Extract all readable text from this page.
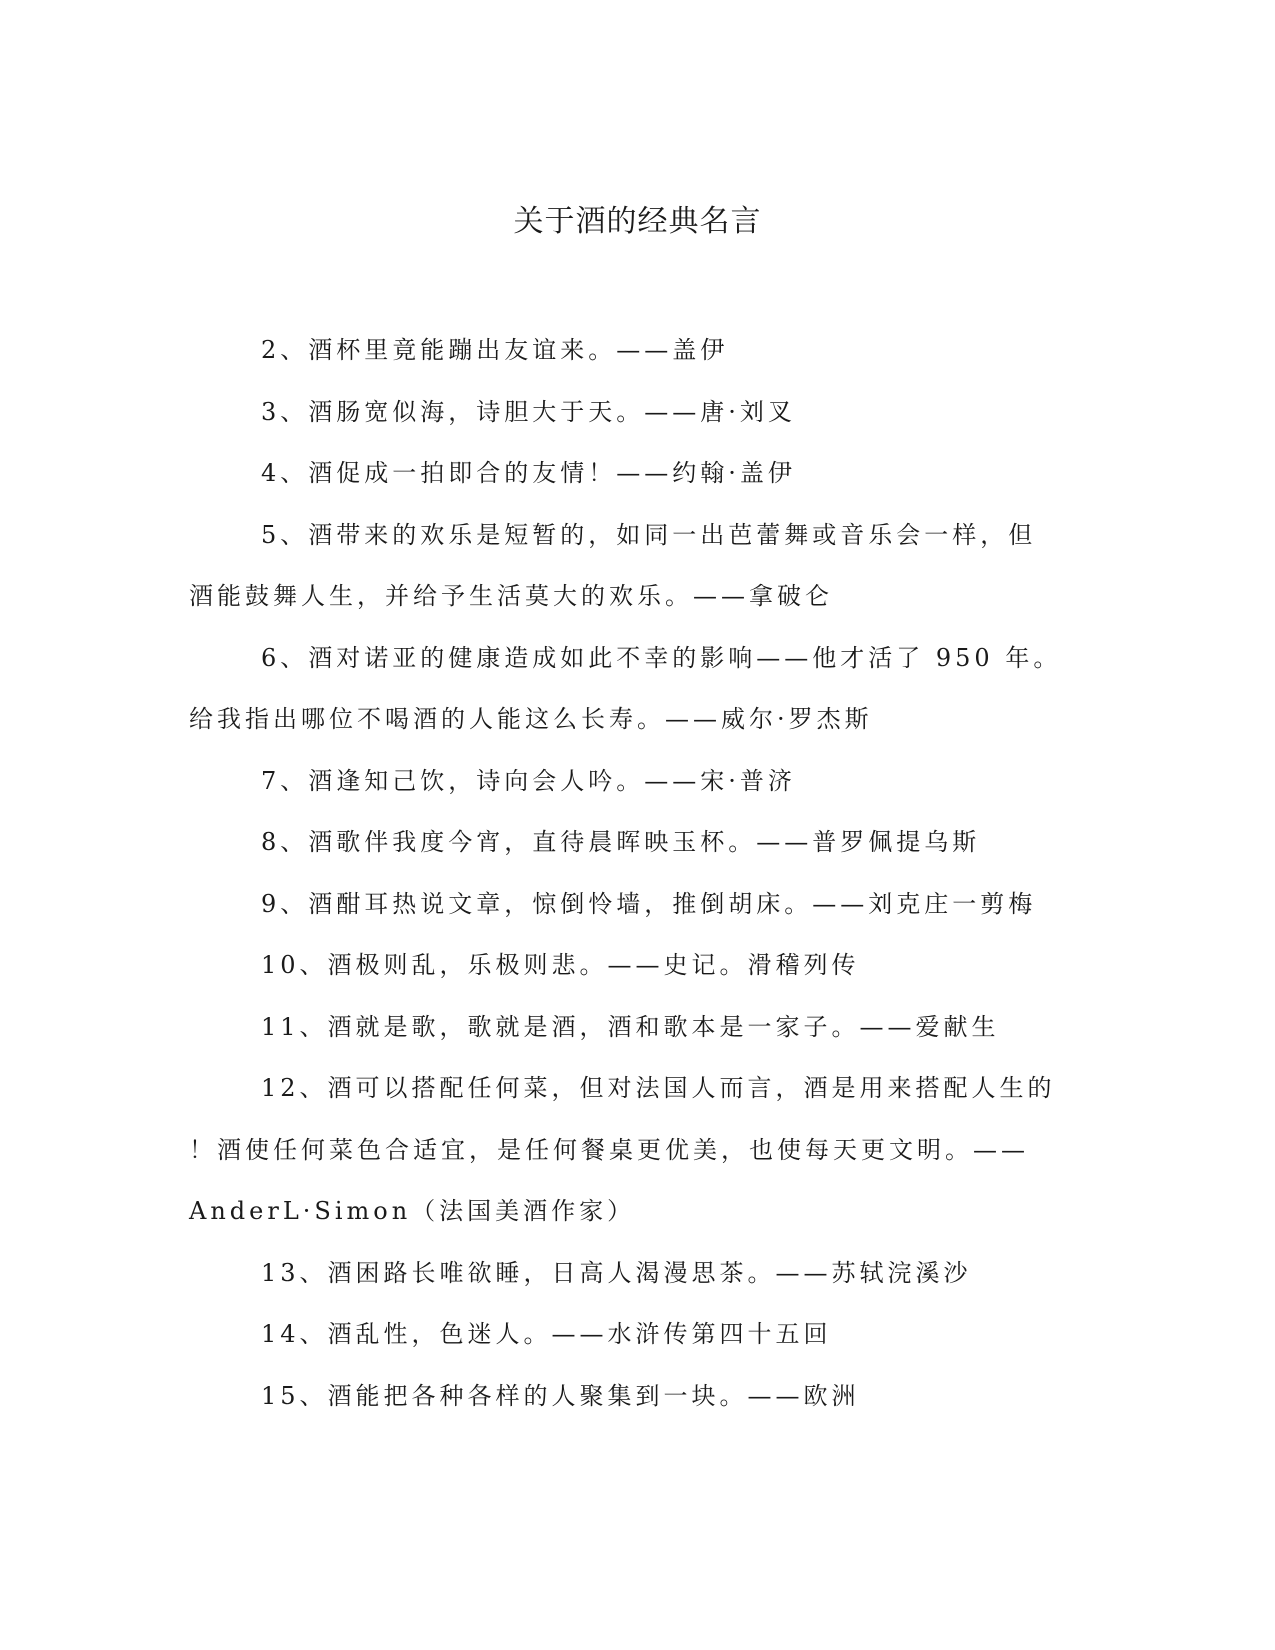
关于酒的经典名言
2、酒杯里竟能蹦出友谊来。——盖伊
3、酒肠宽似海，诗胆大于天。——唐·刘叉
4、酒促成一拍即合的友情！——约翰·盖伊
5、酒带来的欢乐是短暂的，如同一出芭蕾舞或音乐会一样，但
酒能鼓舞人生，并给予生活莫大的欢乐。——拿破仑
6、酒对诺亚的健康造成如此不幸的影响——他才活了 950 年。
给我指出哪位不喝酒的人能这么长寿。——威尔·罗杰斯
7、酒逢知己饮，诗向会人吟。——宋·普济
8、酒歌伴我度今宵，直待晨晖映玉杯。——普罗佩提乌斯
9、酒酣耳热说文章，惊倒怜墙，推倒胡床。——刘克庄一剪梅
10、酒极则乱，乐极则悲。——史记。滑稽列传
11、酒就是歌，歌就是酒，酒和歌本是一家子。——爱献生
12、酒可以搭配任何菜，但对法国人而言，酒是用来搭配人生的
！酒使任何菜色合适宜，是任何餐桌更优美，也使每天更文明。——
AnderL·Simon（法国美酒作家）
13、酒困路长唯欲睡，日高人渴漫思茶。——苏轼浣溪沙
14、酒乱性，色迷人。——水浒传第四十五回
15、酒能把各种各样的人聚集到一块。——欧洲
